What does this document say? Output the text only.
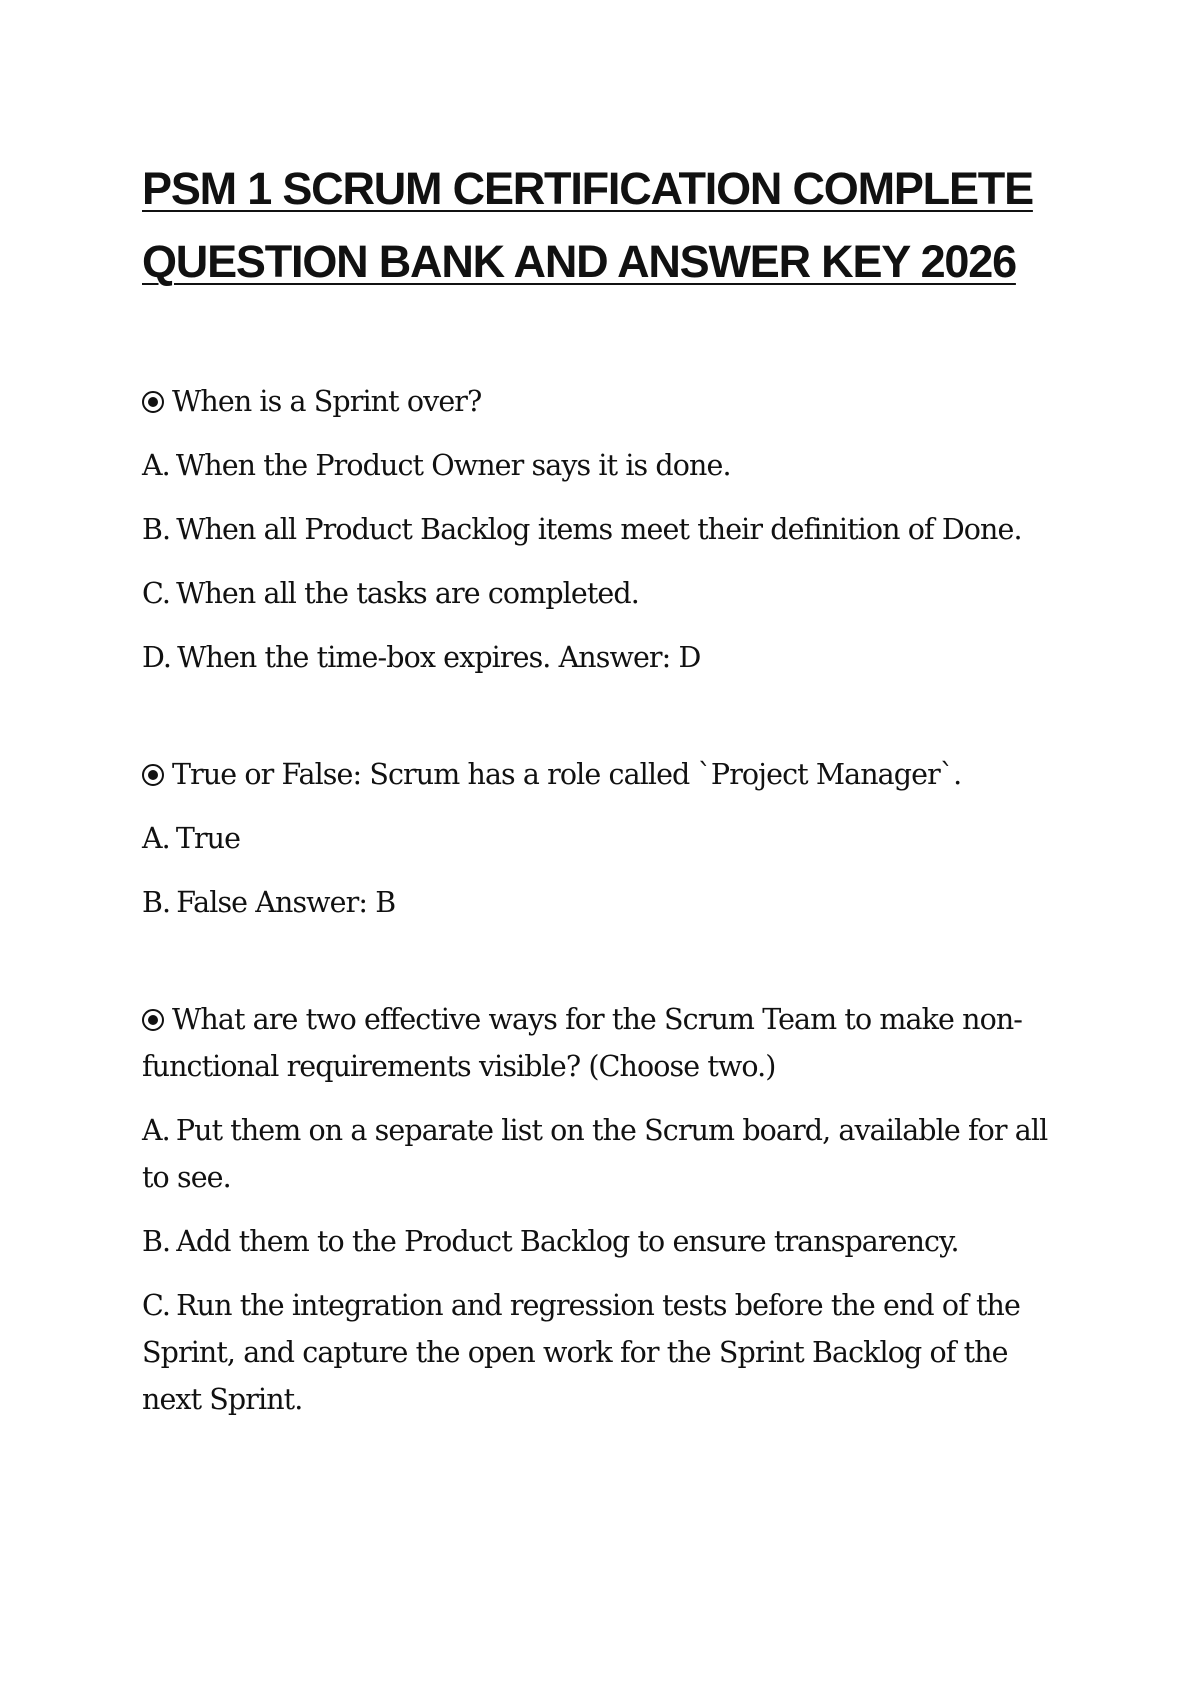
PSM 1 SCRUM CERTIFICATION COMPLETE
QUESTION BANK AND ANSWER KEY 2026

When is a Sprint over?

A. When the Product Owner says it is done.

B. When all Product Backlog items meet their definition of Done.

C. When all the tasks are completed.

D. When the time-box expires. Answer: D

True or False: Scrum has a role called `Project Manager`.

A. True

B. False Answer: B

What are two effective ways for the Scrum Team to make non-functional requirements visible? (Choose two.)

A. Put them on a separate list on the Scrum board, available for all to see.

B. Add them to the Product Backlog to ensure transparency.

C. Run the integration and regression tests before the end of the Sprint, and capture the open work for the Sprint Backlog of the next Sprint.
